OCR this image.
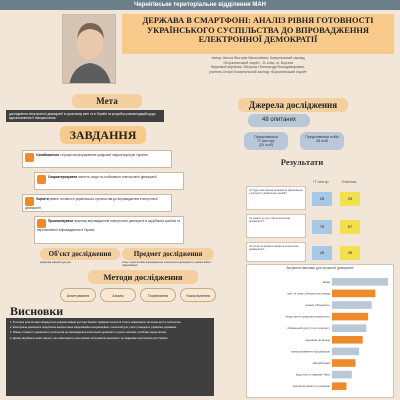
Чернігівське територіальне відділення МАН
ДЕРЖАВА В СМАРТФОНІ: АНАЛІЗ РІВНЯ ГОТОВНОСТІ УКРАЇНСЬКОГО СУСПІЛЬСТВА ДО ВПРОВАДЖЕННЯ ЕЛЕКТРОННОЇ ДЕМОКРАТІЇ
Автор: Кисла Вікторія Миколаївна, Комунальний заклад
«Борзнянський ліцей», 11 клас, м. Борзна
Науковий керівник: Матусик Олександр Володимирович,
учитель історії Комунальний заклад «Борзнянський ліцей»
Мета
дослідження електронної демократії в сучасному світі та в Україні та розробка рекомендацій щодо вдосконалення її використання.
ЗАВДАННЯ
Ознайомитися з процесом формування цифрової інфраструктури України;
Охарактеризувати поняття, види та особливості електронної демократії;
Оцінити рівень готовності українського суспільства до впровадження електронної демократії;
Проаналізувати практику впровадження електронної демократії в зарубіжних країнах та перспективи її впровадження в Україні;
Об'єкт дослідження	Предмет дослідження
Цифрова інфраструктура.	Стан і перспективи впровадження електронної демократії в умовах війни і цифровізації.
Методи дослідження
Анкетування	Аналіз	Порівняння	Узагальнення
Висновки
1. В останні роки активно формується цифрова інфраструктура України. Цифрові технології стають невід'ємною частиною життя суспільства.
2. Електронна демократія передбачає використання інформаційно-комунікаційних технологій для участі громадян в управлінні державою.
3. Рівень готовності українського суспільства до впровадження електронної демократії є досить високим, особливо серед молоді.
4. Досвід зарубіжних країн свідчить про ефективність електронних інструментів демократії, що відкриває перспективи для України.
Джерела дослідження
48 опитаних
Представники
IT-сектору
(20 осіб)
Представники осіби
28 осіб
Результати
IT сектор	Освітяни
Чи буде електронна демократія ефективною у контексті українських реалій?
25	25
Чи знаєте ви, що таке електронна демократія?
75	57
Чи готові ви використовувати електронну демократію?
25	35
Актуальні виклики для сучасної демократії
війна
ідеї і в свою обізнати про владу
низька обізнаність
недостатня цифрова грамотність
обмежений доступ до інтернету
недовіра до влади
маніпулювання інформацією
кібербезпека
відсутність правової бази
низька активність громадян
